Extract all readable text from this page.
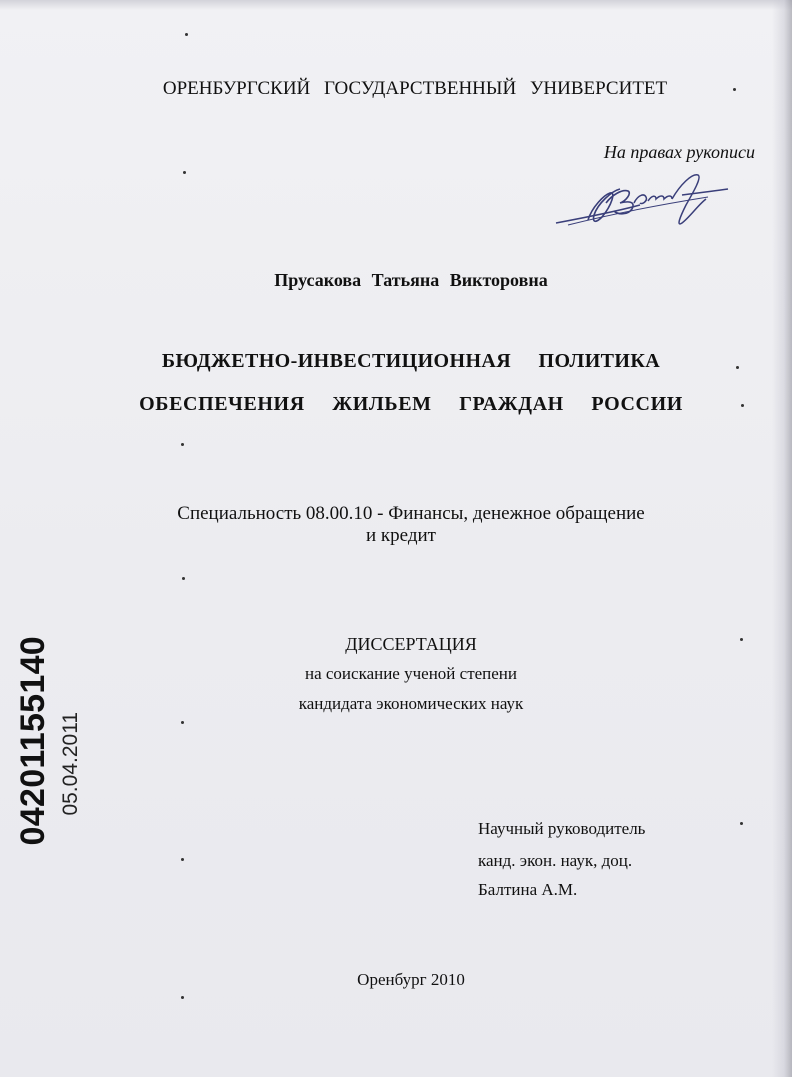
ОРЕНБУРГСКИЙ ГОСУДАРСТВЕННЫЙ УНИВЕРСИТЕТ
На правах рукописи
Прусакова Татьяна Викторовна
БЮДЖЕТНО-ИНВЕСТИЦИОННАЯ ПОЛИТИКА
ОБЕСПЕЧЕНИЯ ЖИЛЬЕМ ГРАЖДАН РОССИИ
Специальность 08.00.10 - Финансы, денежное обращение
и кредит
ДИССЕРТАЦИЯ
на соискание ученой степени
кандидата экономических наук
Научный руководитель
канд. экон. наук, доц.
Балтина А.М.
Оренбург 2010
04201155140 05.04.2011
